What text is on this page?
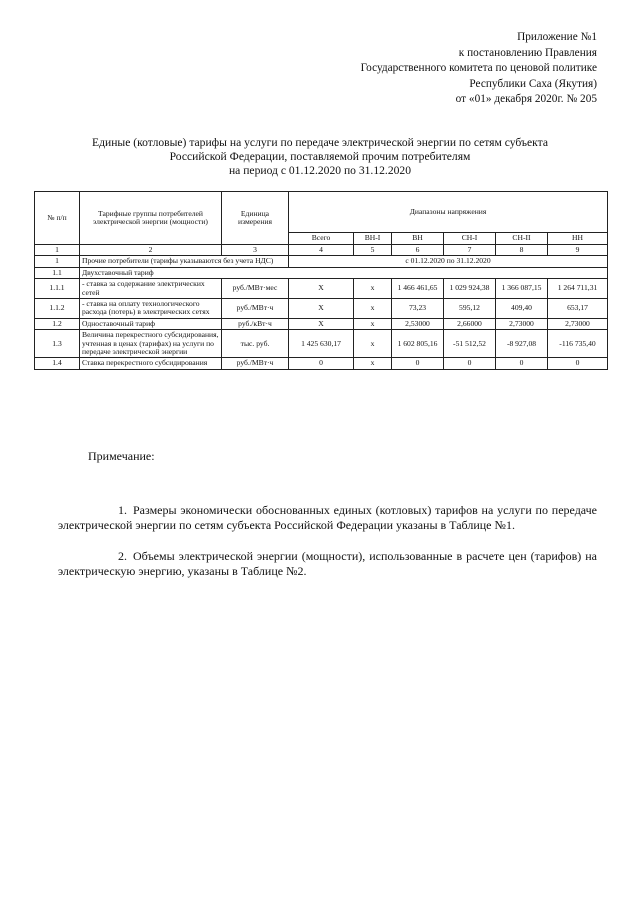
Приложение №1
к постановлению Правления
Государственного комитета по ценовой политике
Республики Саха (Якутия)
от «01» декабря 2020г. № 205
Единые (котловые) тарифы на услуги по передаче электрической энергии по сетям субъекта
Российской Федерации, поставляемой прочим потребителям
на период с 01.12.2020 по 31.12.2020
№ п/п	Тарифные группы потребителей электрической энергии (мощности)	Единица измерения	Диапазоны напряжения					
			Всего	ВН-I	ВН	СН-I	СН-II	НН
1	2	3	4	5	6	7	8	9
1	Прочие потребители (тарифы указываются без учета НДС)		с 01.12.2020 по 31.12.2020					
1.1	Двухставочный тариф							
1.1.1	- ставка за содержание электрических сетей	руб./МВт·мес	Х	х	1 466 461,65	1 029 924,38	1 366 087,15	1 264 711,31
1.1.2	- ставка на оплату технологического расхода (потерь) в электрических сетях	руб./МВт·ч	Х	х	73,23	595,12	409,40	653,17
1.2	Одноставочный тариф	руб./кВт·ч	Х	х	2,53000	2,66000	2,73000	2,73000
1.3	Величина перекрестного субсидирования, учтенная в ценах (тарифах) на услуги по передаче электрической энергии	тыс. руб.	1 425 630,17	х	1 602 805,16	-51 512,52	-8 927,08	-116 735,40
1.4	Ставка перекрестного субсидирования	руб./МВт·ч	0	х	0	0	0	0
Примечание:
1. Размеры экономически обоснованных единых (котловых) тарифов на услуги по передаче электрической энергии по сетям субъекта Российской Федерации указаны в Таблице №1.
2. Объемы электрической энергии (мощности), использованные в расчете цен (тарифов) на электрическую энергию, указаны в Таблице №2.
